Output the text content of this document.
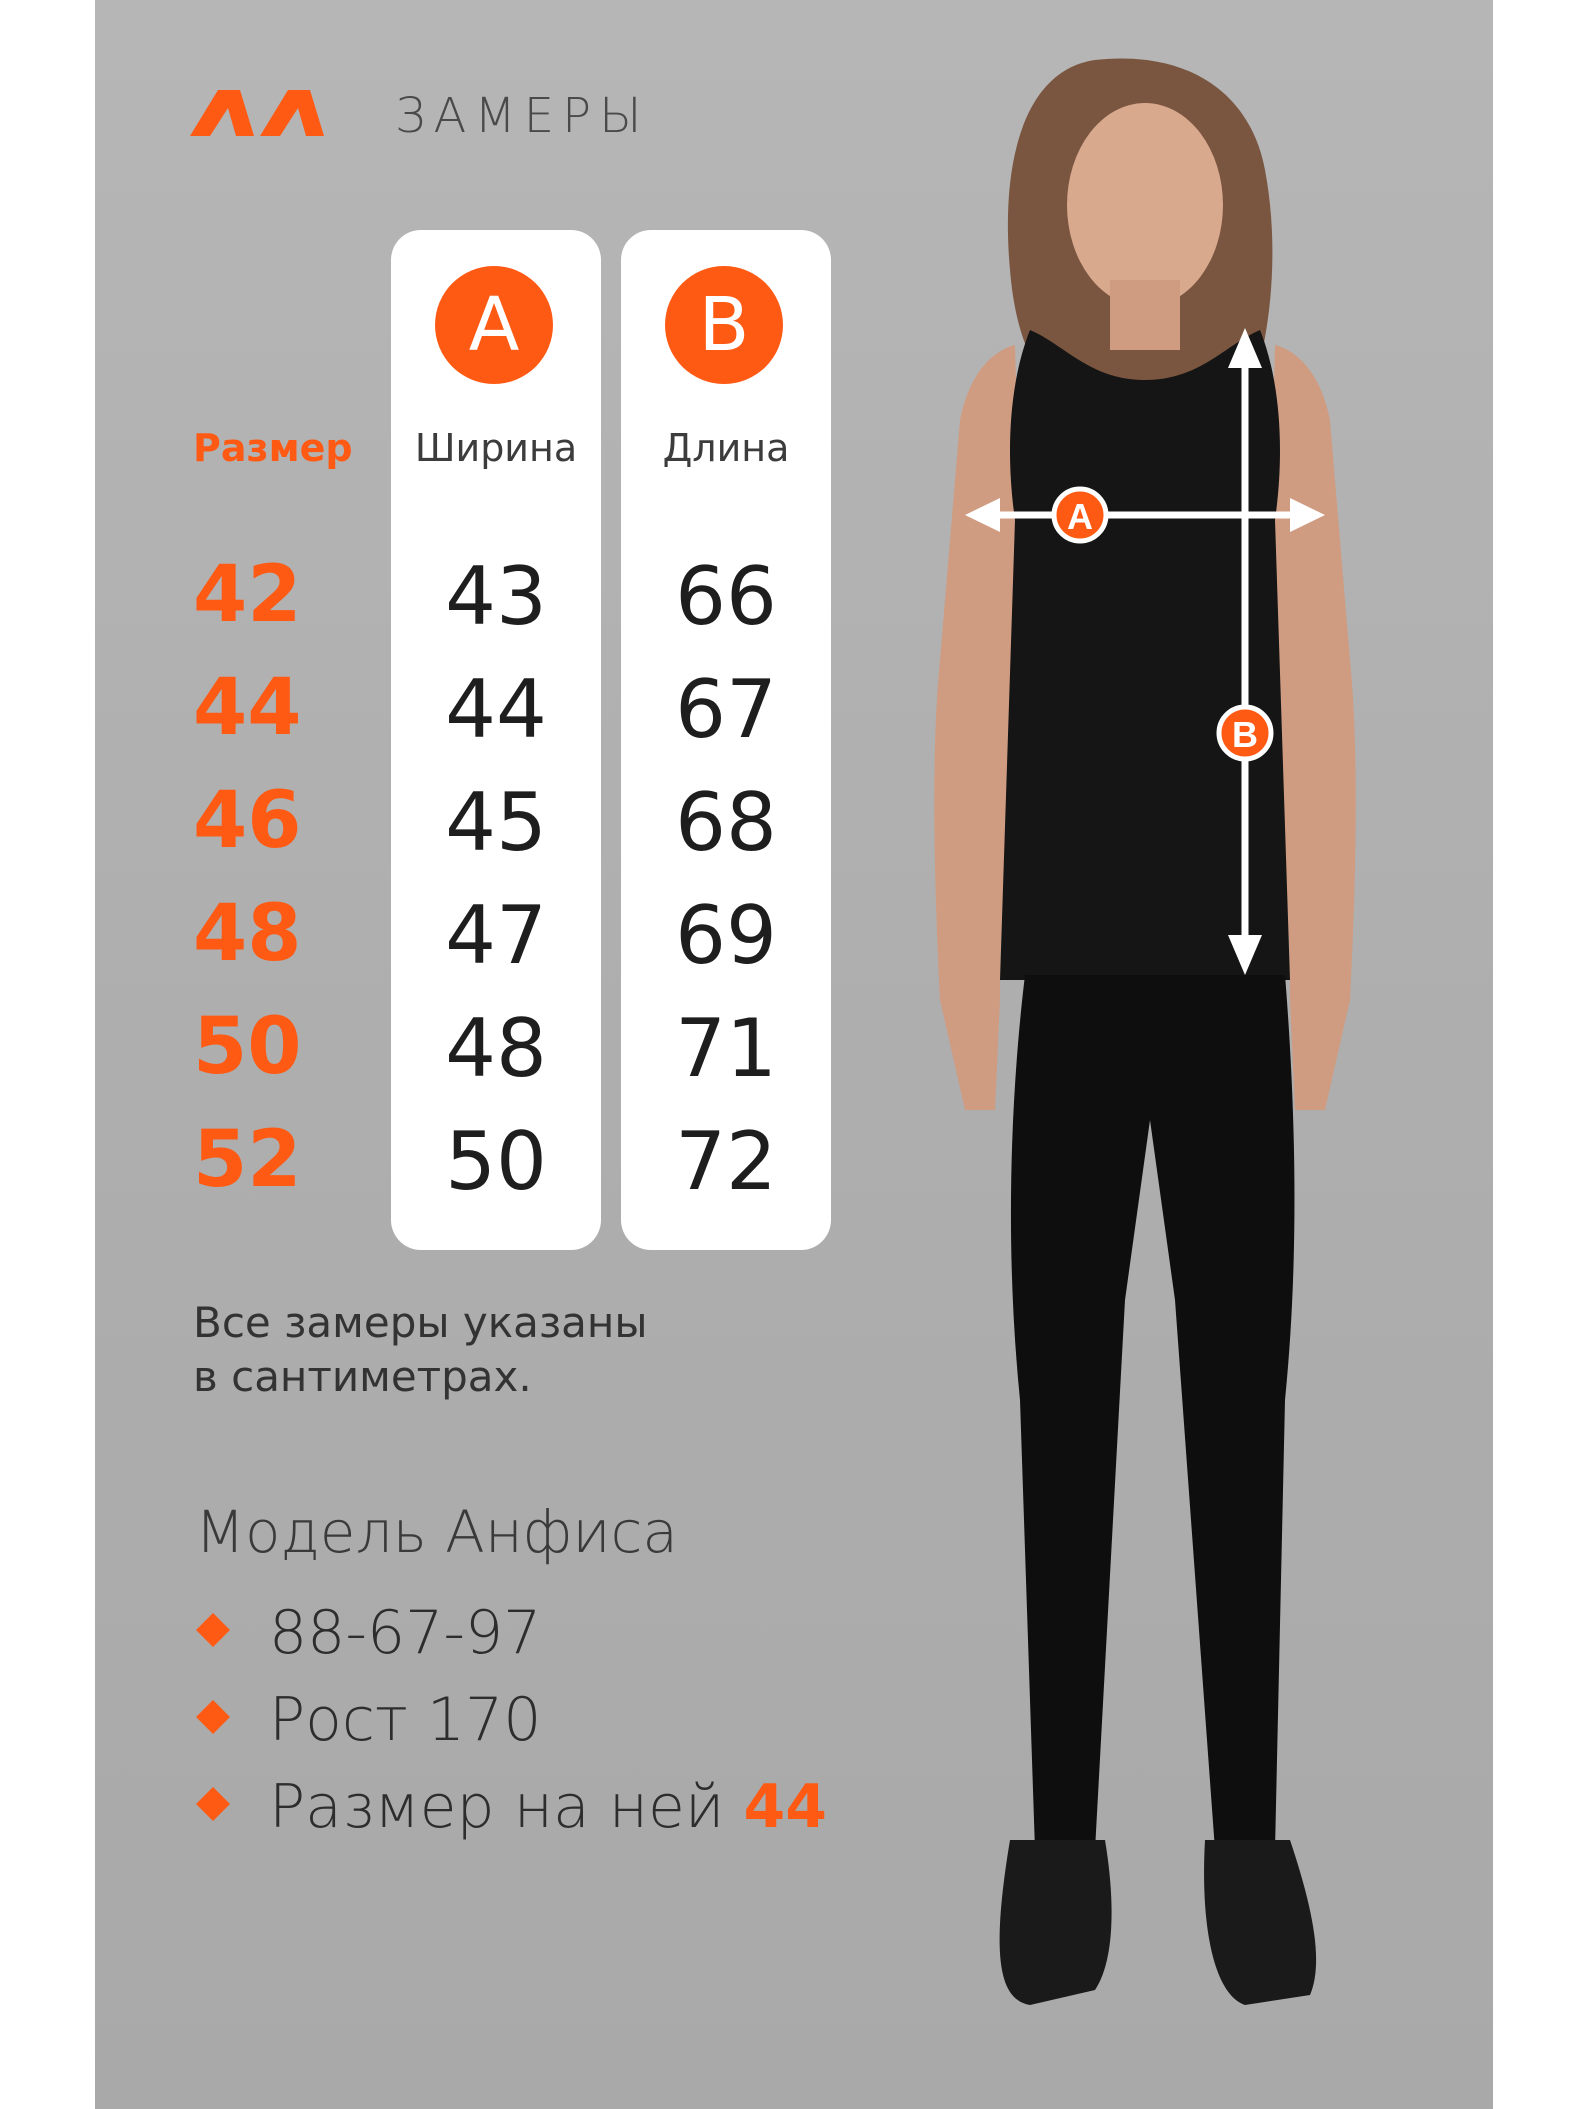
ЗАМЕРЫ
Размер
42
44
46
48
50
52
A
Ширина
43
44
45
47
48
50
B
Длина
66
67
68
69
71
72
Все замеры указаны
в сантиметрах.
Модель Анфиса
88-67-97
Рост 170
Размер на ней 44
A
B
